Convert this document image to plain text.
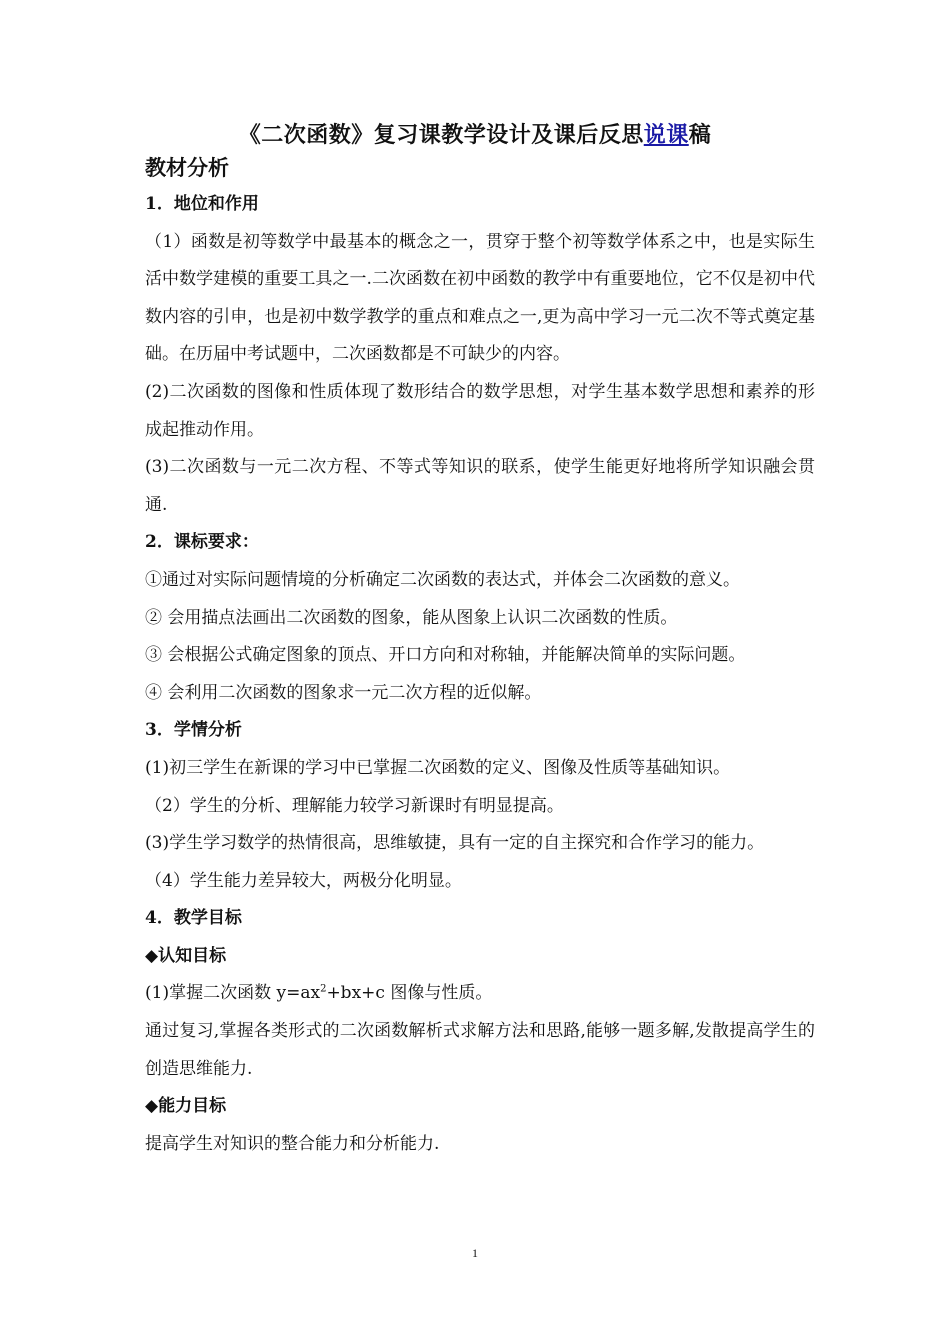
《二次函数》复习课教学设计及课后反思说课稿
教材分析

1．地位和作用

（1）函数是初等数学中最基本的概念之一，贯穿于整个初等数学体系之中，也是实际生活中数学建模的重要工具之一.二次函数在初中函数的教学中有重要地位，它不仅是初中代数内容的引申，也是初中数学教学的重点和难点之一,更为高中学习一元二次不等式奠定基础。在历届中考试题中，二次函数都是不可缺少的内容。

(2)二次函数的图像和性质体现了数形结合的数学思想，对学生基本数学思想和素养的形成起推动作用。

(3)二次函数与一元二次方程、不等式等知识的联系，使学生能更好地将所学知识融会贯通.

2．课标要求：

①通过对实际问题情境的分析确定二次函数的表达式，并体会二次函数的意义。

② 会用描点法画出二次函数的图象，能从图象上认识二次函数的性质。

③ 会根据公式确定图象的顶点、开口方向和对称轴，并能解决简单的实际问题。

④ 会利用二次函数的图象求一元二次方程的近似解。

3．学情分析

(1)初三学生在新课的学习中已掌握二次函数的定义、图像及性质等基础知识。

（2）学生的分析、理解能力较学习新课时有明显提高。

(3)学生学习数学的热情很高，思维敏捷，具有一定的自主探究和合作学习的能力。

（4）学生能力差异较大，两极分化明显。

4．教学目标

◆认知目标

(1)掌握二次函数 $y=ax^2+bx+c$ 图像与性质。

通过复习,掌握各类形式的二次函数解析式求解方法和思路,能够一题多解,发散提高学生的创造思维能力.

◆能力目标

提高学生对知识的整合能力和分析能力.

1
